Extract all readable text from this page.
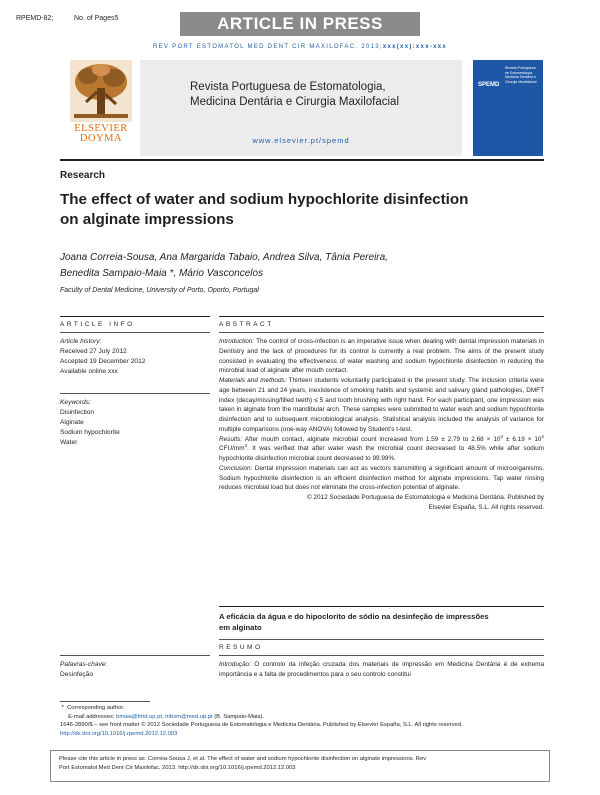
RPEMD-82;	No. of Pages5	ARTICLE IN PRESS
REV PORT ESTOMATOL MED DENT CIR MAXILOFAC. 2013;xxx(xx):xxx-xxx
ELSEVIER
DOYMA
Revista Portuguesa de Estomatologia,
Medicina Dentária e Cirurgia Maxilofacial
www.elsevier.pt/spemd
Revista Portuguesa
de Estomatologia,
Medicina Dentária e
Cirurgia Maxilofacial
SPEMD
Research
The effect of water and sodium hypochlorite disinfection
on alginate impressions
Joana Correia-Sousa, Ana Margarida Tabaio, Andrea Silva, Tânia Pereira,
Benedita Sampaio-Maia *, Mário Vasconcelos
Faculty of Dental Medicine, University of Porto, Oporto, Portugal
ARTICLE INFO
Article history:
Received 27 July 2012
Accepted 19 December 2012
Available online xxx
Keywords:
Disinfection
Alginate
Sodium hypochlorite
Water
ABSTRACT

Introduction: The control of cross-infection is an imperative issue when dealing with dental impression materials in Dentistry and the lack of procedures for its control is currently a real problem. The aims of the present study consisted in evaluating the effectiveness of water washing and sodium hypochlorite disinfection in reducing the microbial load of alginate after mouth contact.

Materials and methods: Thirteen students voluntarily participated in the present study. The inclusion criteria were age between 21 and 24 years, inexistence of smoking habits and systemic and salivary gland pathologies, DMFT index (decay/missing/filled teeth) ≤ 5 and tooth brushing with right hand. For each participant, one impression was taken in alginate from the mandibular arch. These samples were submitted to water wash and sodium hypochlorite disinfection and to subsequent microbiological analysis. Statistical analysis included the analysis of variance for multiple comparisons (one-way ANOVA) followed by Student's t-test.

Results: After mouth contact, alginate microbial count increased from 1.59 ± 2.79 to $2.68 \times 10^3 \pm 6.19 \times 10^2$ CFU/$mm^2$. It was verified that after water wash the microbial count decreased to 48.5% while after sodium hypochlorite disinfection microbial count decreased to 99.99%.

Conclusion: Dental impression materials can act as vectors transmitting a significant amount of microorganisms. Sodium hypochlorite disinfection is an efficient disinfection method for alginate impressions. Tap water rinsing reduces microbial load but does not eliminate the cross-infection potential of alginate.

© 2012 Sociedade Portuguesa de Estomatologia e Medicina Dentária. Published by

Elsevier España, S.L. All rights reserved.

A eficácia da água e do hipoclorito de sódio na desinfeção de impressões
em alginato
RESUMO
Palavras-chave:
Desinfeção

Introdução: O controlo da infeção cruzada dos materiais de impressão em Medicina Dentária é de extrema importância e a falta de procedimentos para o seu controlo constitui

*  Corresponding author.
E-mail addresses: bmaia@fmd.up.pt, mbsm@med.up.pt (B. Sampaio-Maia).
1646-2890/$ – see front matter © 2012 Sociedade Portuguesa de Estomatologia e Medicina Dentária. Published by Elsevier España, S.L. All rights reserved.
http://dx.doi.org/10.1016/j.rpemd.2012.12.003
Please cite this article in press as: Correia-Sousa J, et al. The effect of water and sodium hypochlorite disinfection on alginate impressions. Rev
Port Estomatol Med Dent Cir Maxilofac. 2013. http://dx.doi.org/10.1016/j.rpemd.2012.12.003
